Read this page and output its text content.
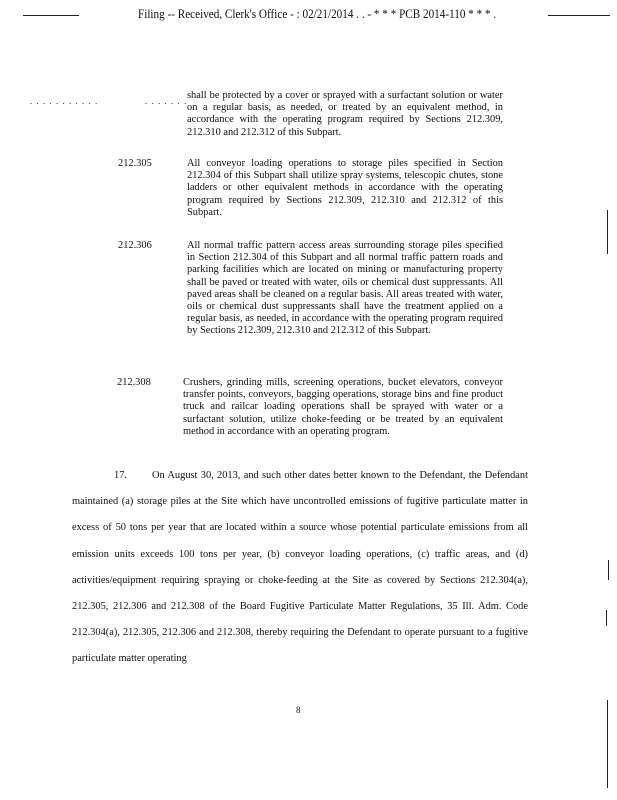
Filing -- Received, Clerk's Office - : 02/21/2014 . . - * * * PCB 2014-110 * * * .
. . . . . . . . . . .	. . . . . . . shall be protected by a cover or sprayed with a surfactant solution or water on a regular basis, as needed, or treated by an equivalent method, in accordance with the operating program required by Sections 212.309, 212.310 and 212.312 of this Subpart.
212.305	All conveyor loading operations to storage piles specified in Section 212.304 of this Subpart shall utilize spray systems, telescopic chutes, stone ladders or other equivalent methods in accordance with the operating program required by Sections 212.309, 212.310 and 212.312 of this Subpart.
212.306	All normal traffic pattern access areas surrounding storage piles specified in Section 212.304 of this Subpart and all normal traffic pattern roads and parking facilities which are located on mining or manufacturing property shall be paved or treated with water, oils or chemical dust suppressants. All paved areas shall be cleaned on a regular basis. All areas treated with water, oils or chemical dust suppressants shall have the treatment applied on a regular basis, as needed, in accordance with the operating program required by Sections 212.309, 212.310 and 212.312 of this Subpart.
212.308	Crushers, grinding mills, screening operations, bucket elevators, conveyor transfer points, conveyors, bagging operations, storage bins and fine product truck and railcar loading operations shall be sprayed with water or a surfactant solution, utilize choke-feeding or be treated by an equivalent method in accordance with an operating program.
17. On August 30, 2013, and such other dates better known to the Defendant, the Defendant maintained (a) storage piles at the Site which have uncontrolled emissions of fugitive particulate matter in excess of 50 tons per year that are located within a source whose potential particulate emissions from all emission units exceeds 100 tons per year, (b) conveyor loading operations, (c) traffic areas, and (d) activities/equipment requiring spraying or choke-feeding at the Site as covered by Sections 212.304(a), 212.305, 212.306 and 212.308 of the Board Fugitive Particulate Matter Regulations, 35 Ill. Adm. Code 212.304(a), 212.305, 212.306 and 212.308, thereby requiring the Defendant to operate pursuant to a fugitive particulate matter operating
8
